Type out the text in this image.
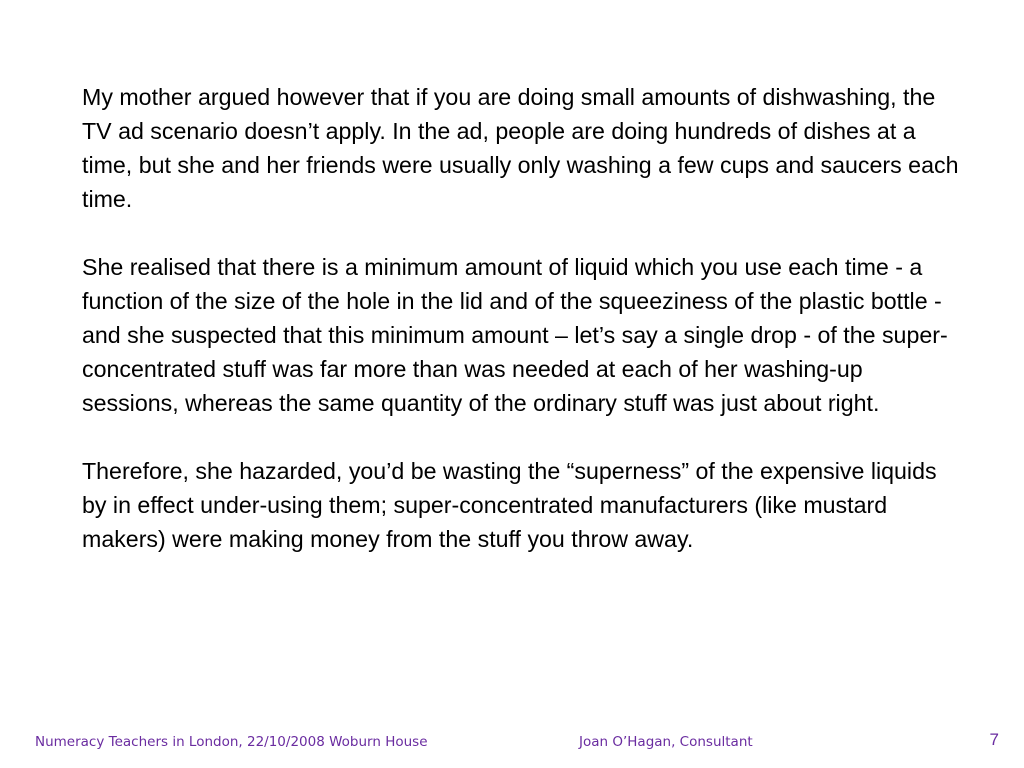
My mother argued however that if you are doing small amounts of dishwashing, the TV ad scenario doesn’t apply. In the ad, people are doing hundreds of dishes at a time, but she and her friends were usually only washing a few cups and saucers each time.

She realised that there is a minimum amount of liquid which you use each time - a function of the size of the hole in the lid and of the squeeziness of the plastic bottle - and she suspected that this minimum amount – let’s say a single drop - of the super-concentrated stuff was far more than was needed at each of her washing-up sessions, whereas the same quantity of the ordinary stuff was just about right.

Therefore, she hazarded, you’d be wasting the “superness” of the expensive liquids by in effect under-using them; super-concentrated manufacturers (like mustard makers) were making money from the stuff you throw away.

Numeracy Teachers in London, 22/10/2008 Woburn House	Joan O’Hagan, Consultant	7
